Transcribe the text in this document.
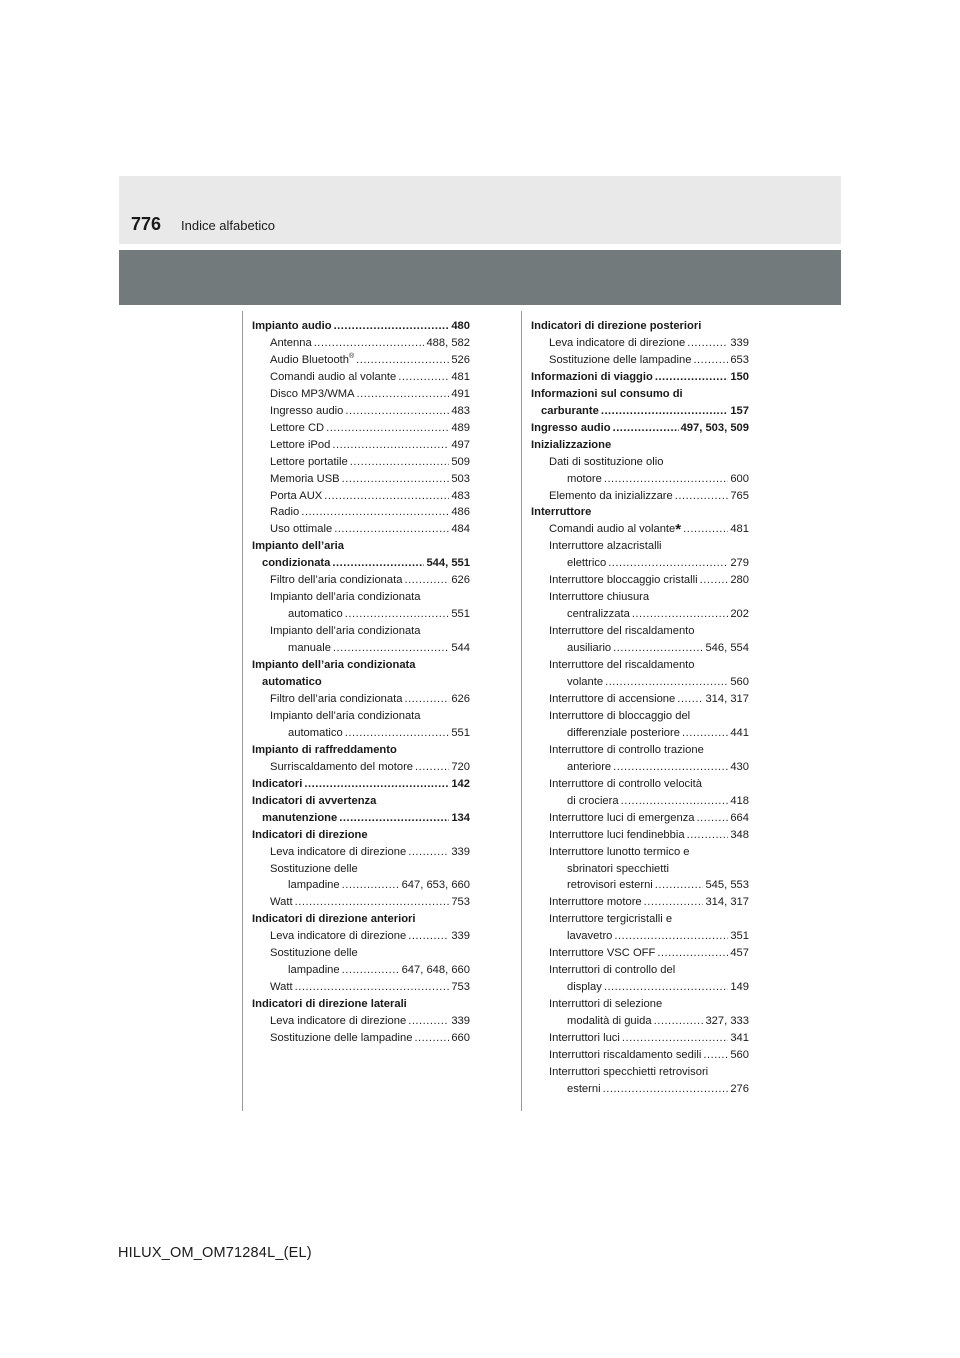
776 Indice alfabetico
Impianto audio . . .	480
Antenna . . .	488, 582
Audio Bluetooth® . . .	526
Comandi audio al volante . . .	481
Disco MP3/WMA . . .	491
Ingresso audio . . .	483
Lettore CD . . .	489
Lettore iPod . . .	497
Lettore portatile . . .	509
Memoria USB . . .	503
Porta AUX . . .	483
Radio . . .	486
Uso ottimale . . .	484
Impianto dell’aria
condizionata . . .	544, 551
Filtro dell’aria condizionata . . .	626
Impianto dell’aria condizionata
automatico . . .	551
Impianto dell’aria condizionata
manuale . . .	544
Impianto dell’aria condizionata
automatico
Filtro dell’aria condizionata . . .	626
Impianto dell’aria condizionata
automatico . . .	551
Impianto di raffreddamento
Surriscaldamento del motore . . .	720
Indicatori . . .	142
Indicatori di avvertenza
manutenzione . . .	134
Indicatori di direzione
Leva indicatore di direzione . . .	339
Sostituzione delle
lampadine . . .	647, 653, 660
Watt . . .	753
Indicatori di direzione anteriori
Leva indicatore di direzione . . .	339
Sostituzione delle
lampadine . . .	647, 648, 660
Watt . . .	753
Indicatori di direzione laterali
Leva indicatore di direzione . . .	339
Sostituzione delle lampadine . . .	660
Indicatori di direzione posteriori
Leva indicatore di direzione . . .	339
Sostituzione delle lampadine . . .	653
Informazioni di viaggio . . .	150
Informazioni sul consumo di
carburante . . .	157
Ingresso audio . . .	497, 503, 509
Inizializzazione
Dati di sostituzione olio
motore . . .	600
Elemento da inizializzare . . .	765
Interruttore
Comandi audio al volante* . . .	481
Interruttore alzacristalli
elettrico . . .	279
Interruttore bloccaggio cristalli . . .	280
Interruttore chiusura
centralizzata . . .	202
Interruttore del riscaldamento
ausiliario . . .	546, 554
Interruttore del riscaldamento
volante . . .	560
Interruttore di accensione . . .	314, 317
Interruttore di bloccaggio del
differenziale posteriore . . .	441
Interruttore di controllo trazione
anteriore . . .	430
Interruttore di controllo velocità
di crociera . . .	418
Interruttore luci di emergenza . . .	664
Interruttore luci fendinebbia . . .	348
Interruttore lunotto termico e
sbrinatori specchietti
retrovisori esterni . . .	545, 553
Interruttore motore . . .	314, 317
Interruttore tergicristalli e
lavavetro . . .	351
Interruttore VSC OFF . . .	457
Interruttori di controllo del
display . . .	149
Interruttori di selezione
modalità di guida . . .	327, 333
Interruttori luci . . .	341
Interruttori riscaldamento sedili . . .	560
Interruttori specchietti retrovisori
esterni . . .	276
HILUX_OM_OM71284L_(EL)
